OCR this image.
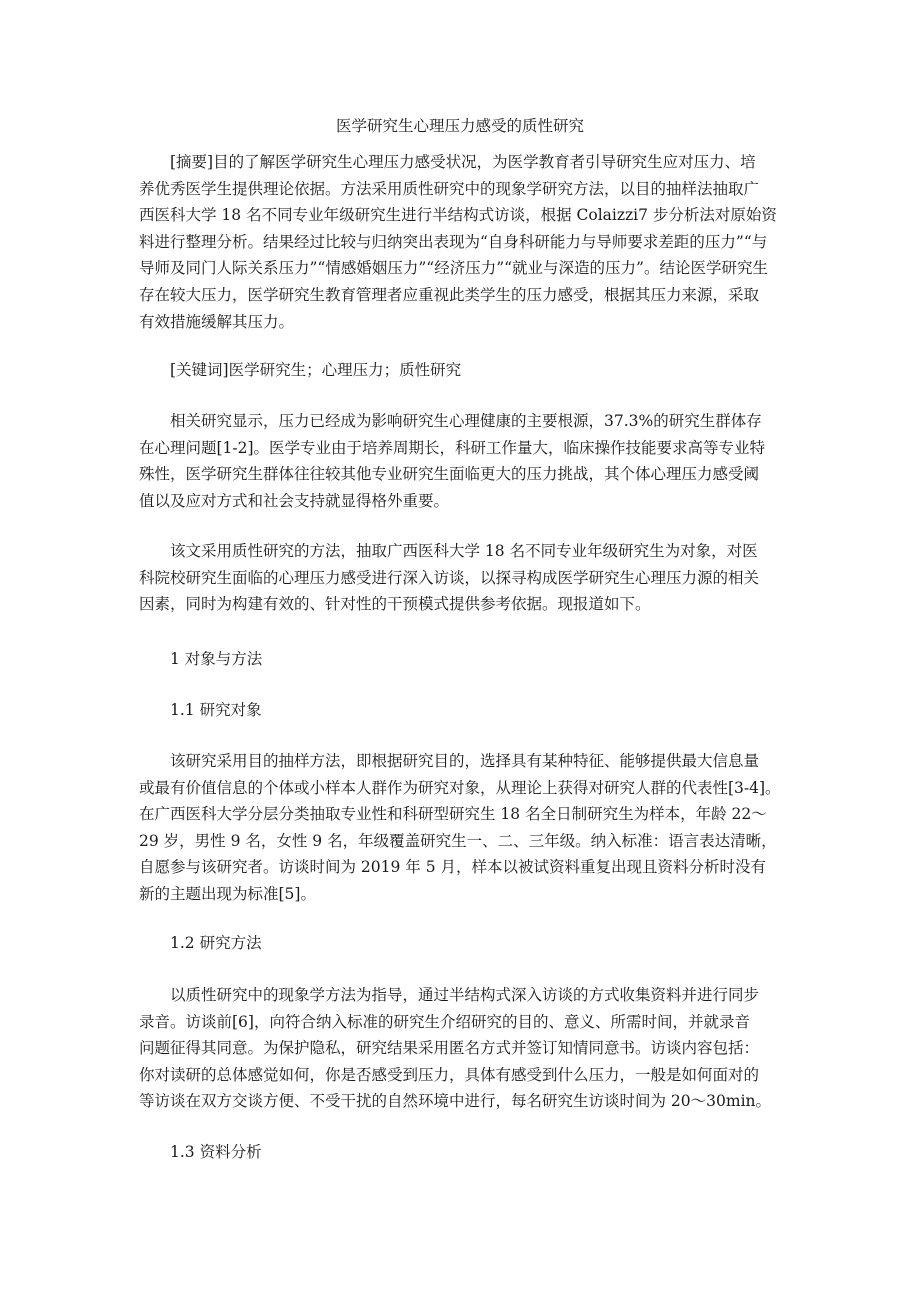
医学研究生心理压力感受的质性研究
[摘要]目的了解医学研究生心理压力感受状况，为医学教育者引导研究生应对压力、培
养优秀医学生提供理论依据。方法采用质性研究中的现象学研究方法，以目的抽样法抽取广
西医科大学 18 名不同专业年级研究生进行半结构式访谈，根据 Colaizzi7 步分析法对原始资
料进行整理分析。结果经过比较与归纳突出表现为“自身科研能力与导师要求差距的压力”“与
导师及同门人际关系压力”“情感婚姻压力”“经济压力”“就业与深造的压力”。结论医学研究生
存在较大压力，医学研究生教育管理者应重视此类学生的压力感受，根据其压力来源，采取
有效措施缓解其压力。
[关键词]医学研究生；心理压力；质性研究
相关研究显示，压力已经成为影响研究生心理健康的主要根源，37.3%的研究生群体存
在心理问题[1-2]。医学专业由于培养周期长，科研工作量大，临床操作技能要求高等专业特
殊性，医学研究生群体往往较其他专业研究生面临更大的压力挑战，其个体心理压力感受阈
值以及应对方式和社会支持就显得格外重要。
该文采用质性研究的方法，抽取广西医科大学 18 名不同专业年级研究生为对象，对医
科院校研究生面临的心理压力感受进行深入访谈，以探寻构成医学研究生心理压力源的相关
因素，同时为构建有效的、针对性的干预模式提供参考依据。现报道如下。
1 对象与方法
1.1 研究对象
该研究采用目的抽样方法，即根据研究目的，选择具有某种特征、能够提供最大信息量
或最有价值信息的个体或小样本人群作为研究对象，从理论上获得对研究人群的代表性[3-4]。
在广西医科大学分层分类抽取专业性和科研型研究生 18 名全日制研究生为样本，年龄 22～
29 岁，男性 9 名，女性 9 名，年级覆盖研究生一、二、三年级。纳入标准：语言表达清晰，
自愿参与该研究者。访谈时间为 2019 年 5 月，样本以被试资料重复出现且资料分析时没有
新的主题出现为标准[5]。
1.2 研究方法
以质性研究中的现象学方法为指导，通过半结构式深入访谈的方式收集资料并进行同步
录音。访谈前[6]，向符合纳入标准的研究生介绍研究的目的、意义、所需时间，并就录音
问题征得其同意。为保护隐私，研究结果采用匿名方式并签订知情同意书。访谈内容包括：
你对读研的总体感觉如何，你是否感受到压力，具体有感受到什么压力，一般是如何面对的
等访谈在双方交谈方便、不受干扰的自然环境中进行，每名研究生访谈时间为 20～30min。
1.3 资料分析
